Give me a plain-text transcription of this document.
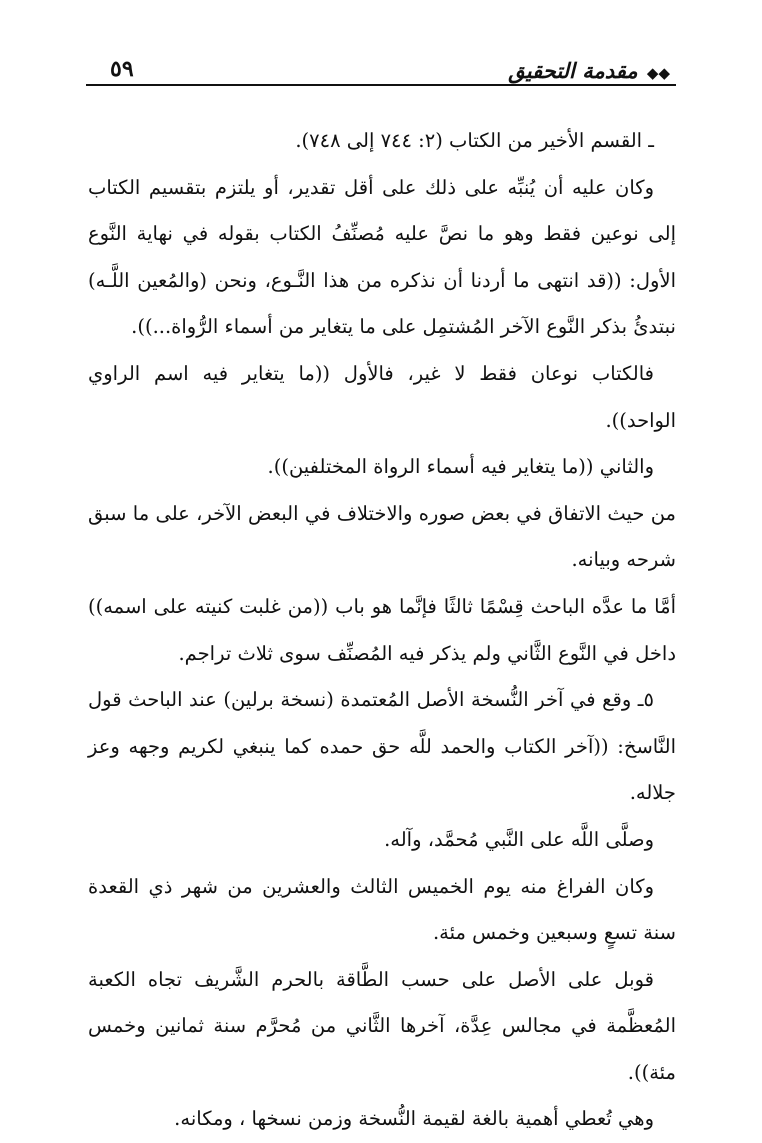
◆◆ مقدمة التحقيق
٥٩

ـ القسم الأخير من الكتاب (٢: ٧٤٤ إلى ٧٤٨).

وكان عليه أن يُنبِّه على ذلك على أقل تقدير، أو يلتزم بتقسيم الكتاب إلى نوعين فقط وهو ما نصَّ عليه مُصنِّفُ الكتاب بقوله في نهاية النَّوع الأول: ((قد انتهى ما أردنا أن نذكره من هذا النَّـوع، ونحن (والمُعين اللَّـه) نبتدئُ بذكر النَّوع الآخر المُشتمِل على ما يتغاير من أسماء الرُّواة...)).

فالكتاب نوعان فقط لا غير، فالأول ((ما يتغاير فيه اسم الراوي الواحد)).

والثاني ((ما يتغاير فيه أسماء الرواة المختلفين)).

من حيث الاتفاق في بعض صوره والاختلاف في البعض الآخر، على ما سبق شرحه وبيانه.

أمَّا ما عدَّه الباحث قِسْمًا ثالثًا فإنَّما هو باب ((من غلبت كنيته على اسمه)) داخل في النَّوع الثَّاني ولم يذكر فيه المُصنِّف سوى ثلاث تراجم.

٥ـ وقع في آخر النُّسخة الأصل المُعتمدة (نسخة برلين) عند الباحث قول النَّاسخ: ((آخر الكتاب والحمد للَّه حق حمده كما ينبغي لكريم وجهه وعز جلاله.

وصلَّى اللَّه على النَّبي مُحمَّد، وآله.

وكان الفراغ منه يوم الخميس الثالث والعشرين من شهر ذي القعدة سنة تسعٍ وسبعين وخمس مئة.

قوبل على الأصل على حسب الطَّاقة بالحرم الشَّريف تجاه الكعبة المُعظَّمة في مجالس عِدَّة، آخرها الثَّاني من مُحرَّم سنة ثمانين وخمس مئة)).

وهي تُعطي أهمية بالغة لقيمة النُّسخة وزمن نسخها ، ومكانه.
